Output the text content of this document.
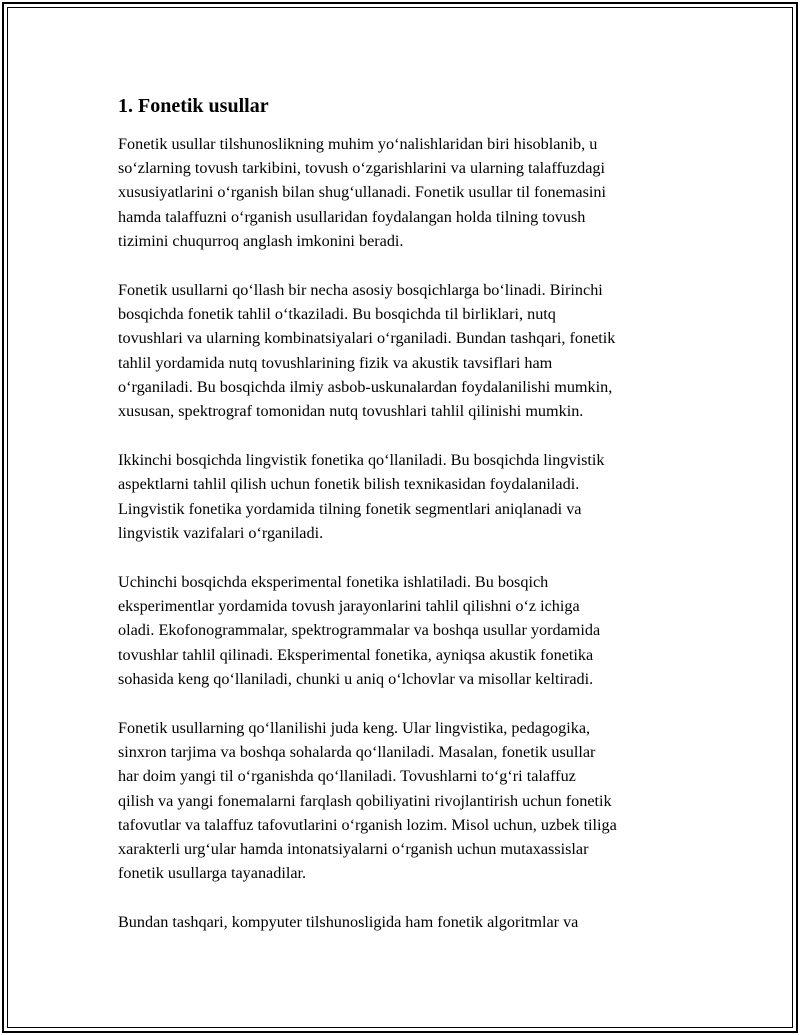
1. Fonetik usullar

Fonetik usullar tilshunoslikning muhim yoʻnalishlaridan biri hisoblanib, u
soʻzlarning tovush tarkibini, tovush oʻzgarishlarini va ularning talaffuzdagi
xususiyatlarini oʻrganish bilan shugʻullanadi. Fonetik usullar til fonemasini
hamda talaffuzni oʻrganish usullaridan foydalangan holda tilning tovush
tizimini chuqurroq anglash imkonini beradi.

Fonetik usullarni qoʻllash bir necha asosiy bosqichlarga boʻlinadi. Birinchi
bosqichda fonetik tahlil oʻtkaziladi. Bu bosqichda til birliklari, nutq
tovushlari va ularning kombinatsiyalari oʻrganiladi. Bundan tashqari, fonetik
tahlil yordamida nutq tovushlarining fizik va akustik tavsiflari ham
oʻrganiladi. Bu bosqichda ilmiy asbob-uskunalardan foydalanilishi mumkin,
xususan, spektrograf tomonidan nutq tovushlari tahlil qilinishi mumkin.

Ikkinchi bosqichda lingvistik fonetika qoʻllaniladi. Bu bosqichda lingvistik
aspektlarni tahlil qilish uchun fonetik bilish texnikasidan foydalaniladi.
Lingvistik fonetika yordamida tilning fonetik segmentlari aniqlanadi va
lingvistik vazifalari oʻrganiladi.

Uchinchi bosqichda eksperimental fonetika ishlatiladi. Bu bosqich
eksperimentlar yordamida tovush jarayonlarini tahlil qilishni oʻz ichiga
oladi. Ekofonogrammalar, spektrogrammalar va boshqa usullar yordamida
tovushlar tahlil qilinadi. Eksperimental fonetika, ayniqsa akustik fonetika
sohasida keng qoʻllaniladi, chunki u aniq oʻlchovlar va misollar keltiradi.

Fonetik usullarning qoʻllanilishi juda keng. Ular lingvistika, pedagogika,
sinxron tarjima va boshqa sohalarda qoʻllaniladi. Masalan, fonetik usullar
har doim yangi til oʻrganishda qoʻllaniladi. Tovushlarni toʻgʻri talaffuz
qilish va yangi fonemalarni farqlash qobiliyatini rivojlantirish uchun fonetik
tafovutlar va talaffuz tafovutlarini oʻrganish lozim. Misol uchun, uzbek tiliga
xarakterli urgʻular hamda intonatsiyalarni oʻrganish uchun mutaxassislar
fonetik usullarga tayanadilar.

Bundan tashqari, kompyuter tilshunosligida ham fonetik algoritmlar va
